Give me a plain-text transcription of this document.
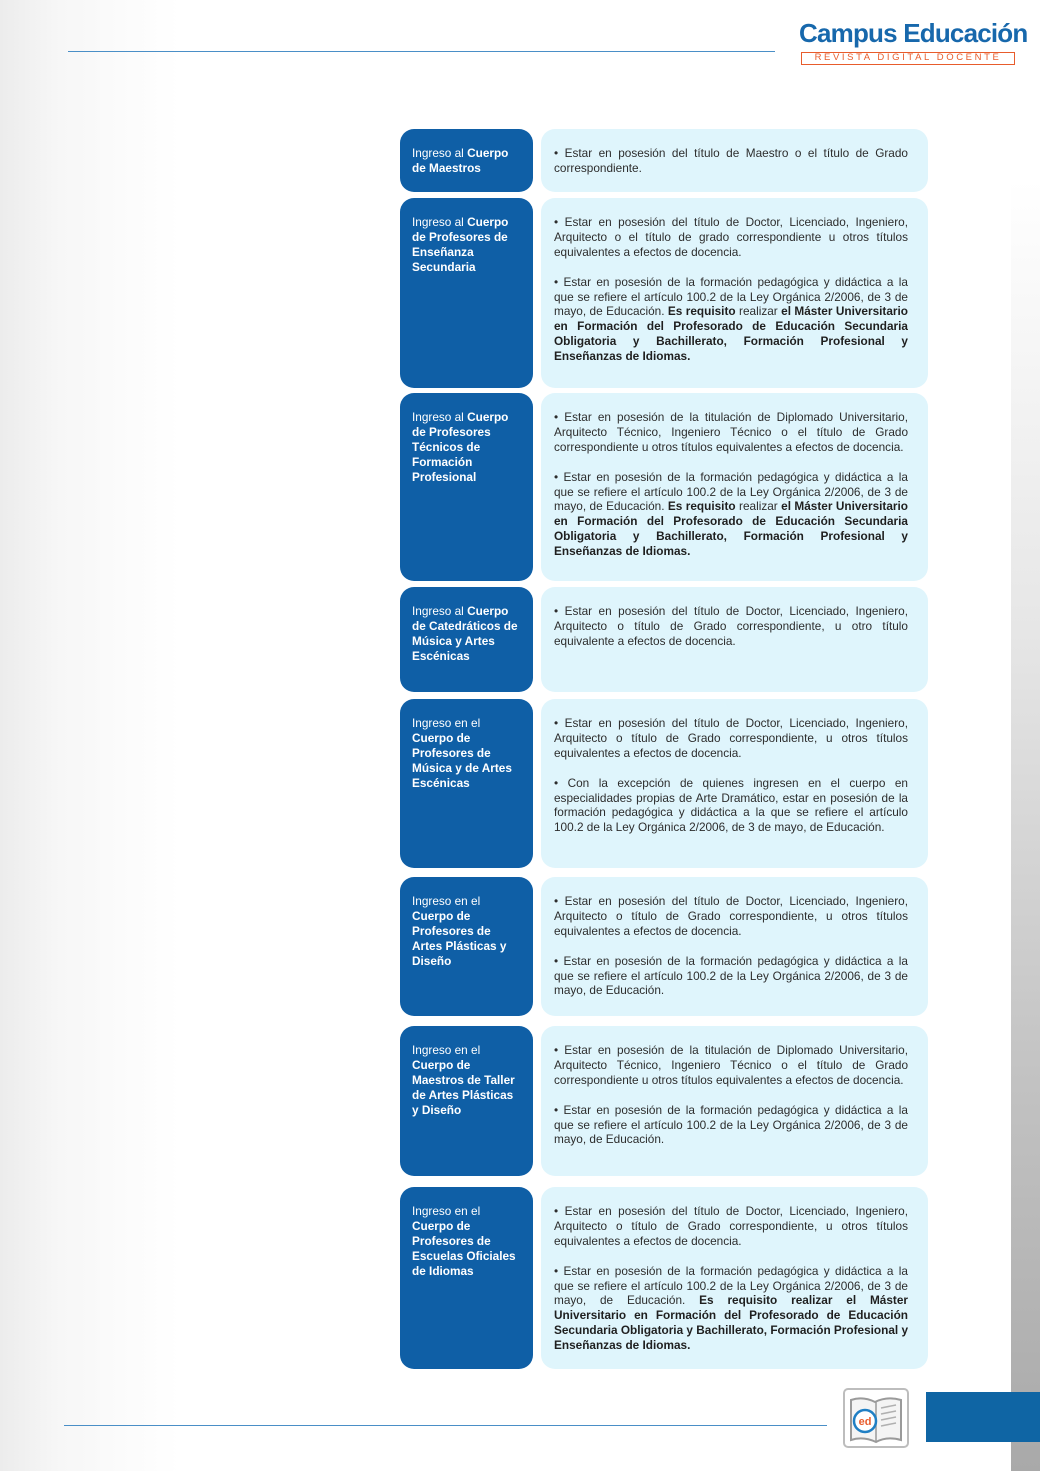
Campus Educación
REVISTA DIGITAL DOCENTE
Ingreso al Cuerpo de Maestros

• Estar en posesión del título de Maestro o el título de Grado correspondiente.

Ingreso al Cuerpo de Profesores de Enseñanza Secundaria

• Estar en posesión del título de Doctor, Licenciado, Ingeniero, Arquitecto o el título de grado correspondiente u otros títulos equivalentes a efectos de docencia.

• Estar en posesión de la formación pedagógica y didáctica a la que se refiere el artículo 100.2 de la Ley Orgánica 2/2006, de 3 de mayo, de Educación. Es requisito realizar el Máster Universitario en Formación del Profesorado de Educación Secundaria Obligatoria y Bachillerato, Formación Profesional y Enseñanzas de Idiomas.

Ingreso al Cuerpo de Profesores Técnicos de Formación Profesional

• Estar en posesión de la titulación de Diplomado Universitario, Arquitecto Técnico, Ingeniero Técnico o el título de Grado correspondiente u otros títulos equivalentes a efectos de docencia.

• Estar en posesión de la formación pedagógica y didáctica a la que se refiere el artículo 100.2 de la Ley Orgánica 2/2006, de 3 de mayo, de Educación. Es requisito realizar el Máster Universitario en Formación del Profesorado de Educación Secundaria Obligatoria y Bachillerato, Formación Profesional y Enseñanzas de Idiomas.

Ingreso al Cuerpo de Catedráticos de Música y Artes Escénicas

• Estar en posesión del título de Doctor, Licenciado, Ingeniero, Arquitecto o título de Grado correspondiente, u otro título equivalente a efectos de docencia.

Ingreso en el Cuerpo de Profesores de Música y de Artes Escénicas

• Estar en posesión del título de Doctor, Licenciado, Ingeniero, Arquitecto o título de Grado correspondiente, u otros títulos equivalentes a efectos de docencia.

• Con la excepción de quienes ingresen en el cuerpo en especialidades propias de Arte Dramático, estar en posesión de la formación pedagógica y didáctica a la que se refiere el artículo 100.2 de la Ley Orgánica 2/2006, de 3 de mayo, de Educación.

Ingreso en el Cuerpo de Profesores de Artes Plásticas y Diseño

• Estar en posesión del título de Doctor, Licenciado, Ingeniero, Arquitecto o título de Grado correspondiente, u otros títulos equivalentes a efectos de docencia.

• Estar en posesión de la formación pedagógica y didáctica a la que se refiere el artículo 100.2 de la Ley Orgánica 2/2006, de 3 de mayo, de Educación.

Ingreso en el Cuerpo de Maestros de Taller de Artes Plásticas y Diseño

• Estar en posesión de la titulación de Diplomado Universitario, Arquitecto Técnico, Ingeniero Técnico o el título de Grado correspondiente u otros títulos equivalentes a efectos de docencia.

• Estar en posesión de la formación pedagógica y didáctica a la que se refiere el artículo 100.2 de la Ley Orgánica 2/2006, de 3 de mayo, de Educación.

Ingreso en el Cuerpo de Profesores de Escuelas Oficiales de Idiomas

• Estar en posesión del título de Doctor, Licenciado, Ingeniero, Arquitecto o título de Grado correspondiente, u otros títulos equivalentes a efectos de docencia.

• Estar en posesión de la formación pedagógica y didáctica a la que se refiere el artículo 100.2 de la Ley Orgánica 2/2006, de 3 de mayo, de Educación. Es requisito realizar el Máster Universitario en Formación del Profesorado de Educación Secundaria Obligatoria y Bachillerato, Formación Profesional y Enseñanzas de Idiomas.

ed
